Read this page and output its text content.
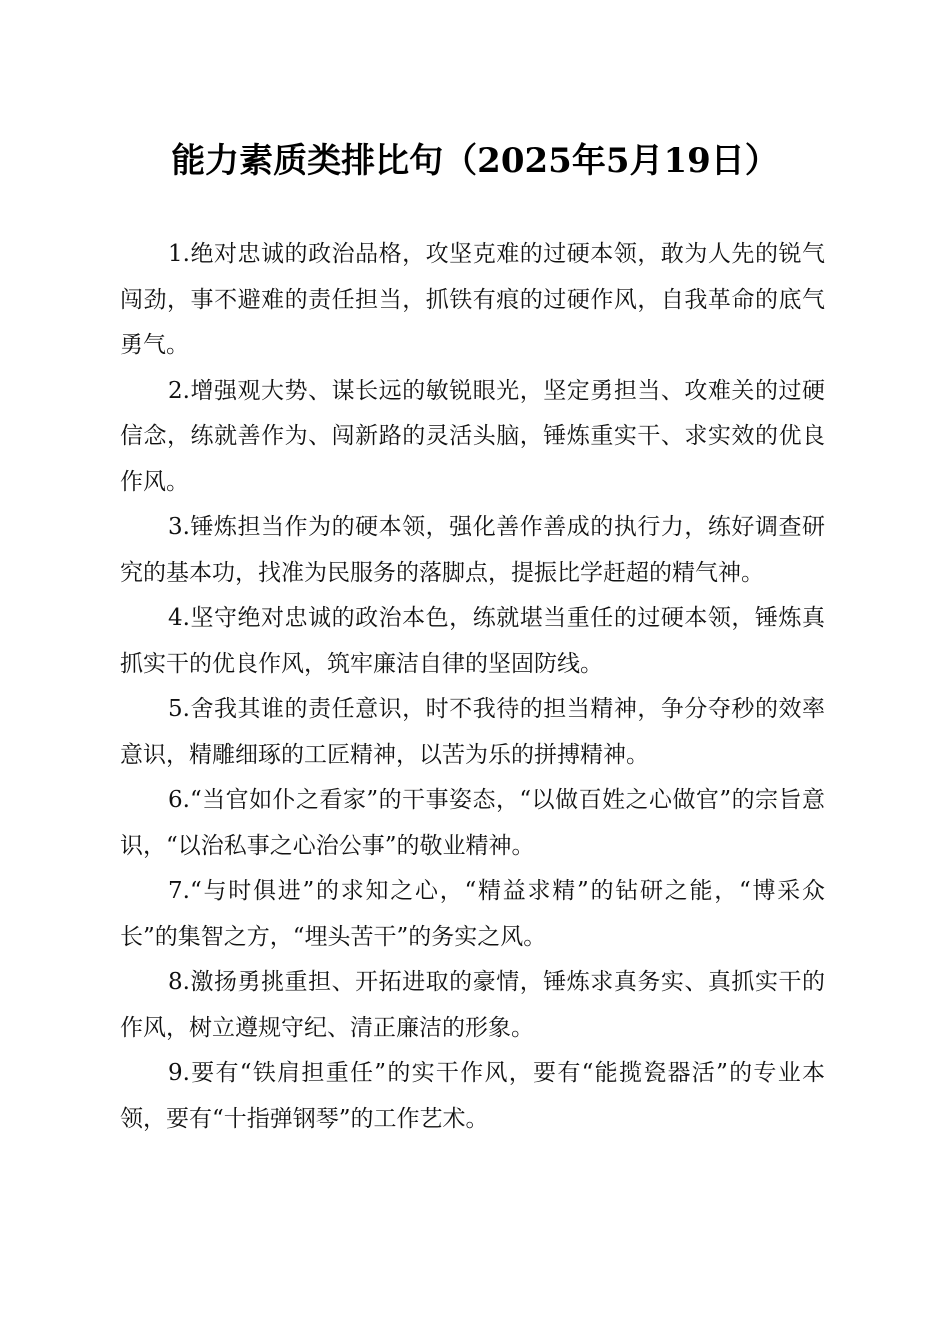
能力素质类排比句（2025年5月19日）

1.绝对忠诚的政治品格，攻坚克难的过硬本领，敢为人先的锐气闯劲，事不避难的责任担当，抓铁有痕的过硬作风，自我革命的底气勇气。

2.增强观大势、谋长远的敏锐眼光，坚定勇担当、攻难关的过硬信念，练就善作为、闯新路的灵活头脑，锤炼重实干、求实效的优良作风。

3.锤炼担当作为的硬本领，强化善作善成的执行力，练好调查研究的基本功，找准为民服务的落脚点，提振比学赶超的精气神。

4.坚守绝对忠诚的政治本色，练就堪当重任的过硬本领，锤炼真抓实干的优良作风，筑牢廉洁自律的坚固防线。

5.舍我其谁的责任意识，时不我待的担当精神，争分夺秒的效率意识，精雕细琢的工匠精神，以苦为乐的拼搏精神。

6.“当官如仆之看家”的干事姿态，“以做百姓之心做官”的宗旨意识，“以治私事之心治公事”的敬业精神。

7.“与时俱进”的求知之心，“精益求精”的钻研之能，“博采众长”的集智之方，“埋头苦干”的务实之风。

8.激扬勇挑重担、开拓进取的豪情，锤炼求真务实、真抓实干的作风，树立遵规守纪、清正廉洁的形象。

9.要有“铁肩担重任”的实干作风，要有“能揽瓷器活”的专业本领，要有“十指弹钢琴”的工作艺术。
